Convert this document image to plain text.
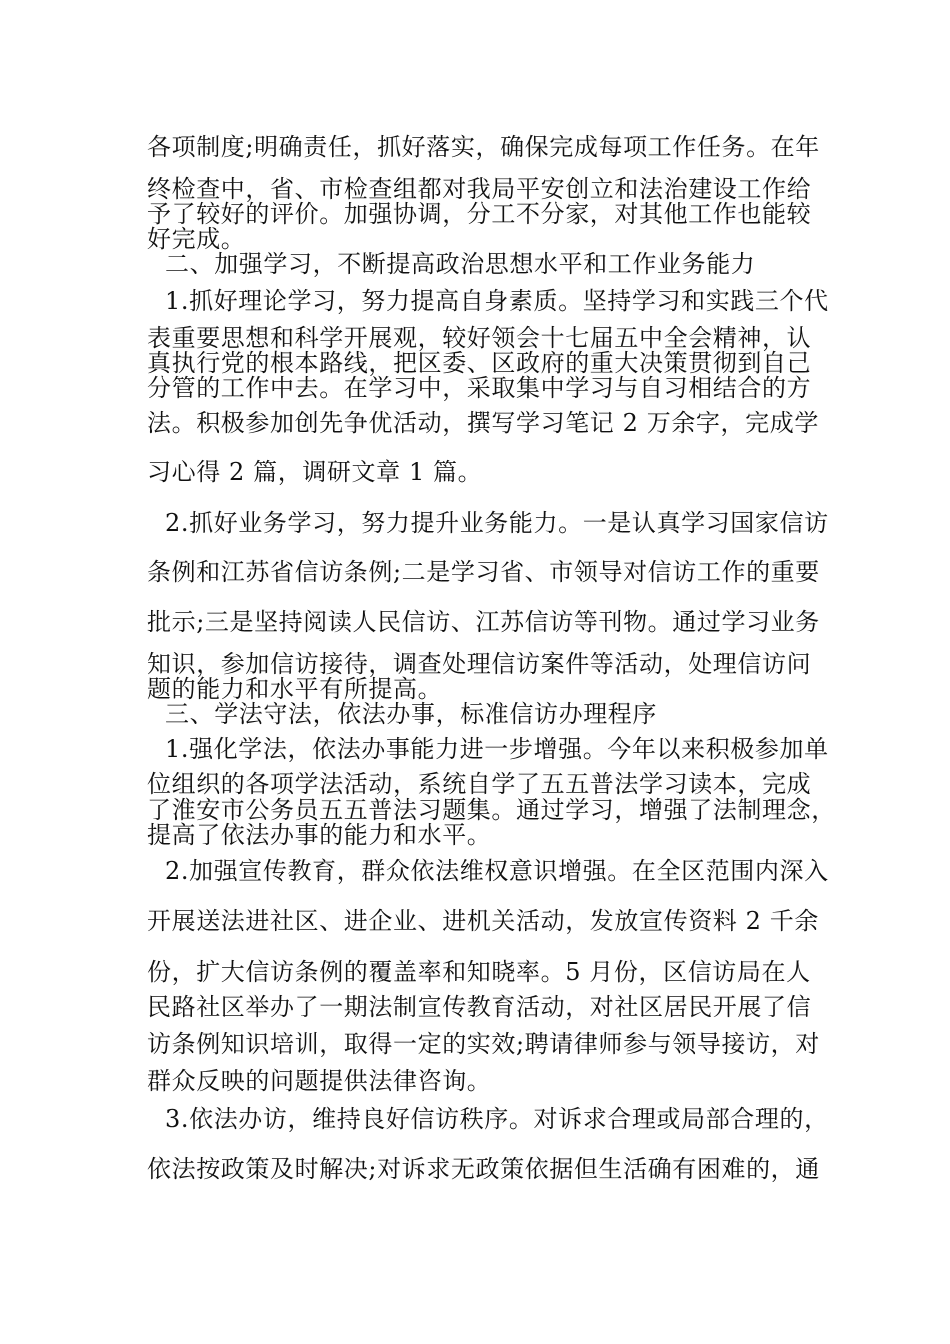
各项制度;明确责任，抓好落实，确保完成每项工作任务。在年

终检查中，省、市检查组都对我局平安创立和法治建设工作给

予了较好的评价。加强协调，分工不分家，对其他工作也能较

好完成。

二、加强学习，不断提高政治思想水平和工作业务能力

1.抓好理论学习，努力提高自身素质。坚持学习和实践三个代

表重要思想和科学开展观，较好领会十七届五中全会精神，认

真执行党的根本路线，把区委、区政府的重大决策贯彻到自己

分管的工作中去。在学习中，采取集中学习与自习相结合的方

法。积极参加创先争优活动，撰写学习笔记 2 万余字，完成学

习心得 2 篇，调研文章 1 篇。

2.抓好业务学习，努力提升业务能力。一是认真学习国家信访

条例和江苏省信访条例;二是学习省、市领导对信访工作的重要

批示;三是坚持阅读人民信访、江苏信访等刊物。通过学习业务

知识，参加信访接待，调查处理信访案件等活动，处理信访问

题的能力和水平有所提高。

三、学法守法，依法办事，标准信访办理程序

1.强化学法，依法办事能力进一步增强。今年以来积极参加单

位组织的各项学法活动，系统自学了五五普法学习读本，完成

了淮安市公务员五五普法习题集。通过学习，增强了法制理念，

提高了依法办事的能力和水平。

2.加强宣传教育，群众依法维权意识增强。在全区范围内深入

开展送法进社区、进企业、进机关活动，发放宣传资料 2 千余

份，扩大信访条例的覆盖率和知晓率。5 月份，区信访局在人

民路社区举办了一期法制宣传教育活动，对社区居民开展了信

访条例知识培训，取得一定的实效;聘请律师参与领导接访，对

群众反映的问题提供法律咨询。

3.依法办访，维持良好信访秩序。对诉求合理或局部合理的，

依法按政策及时解决;对诉求无政策依据但生活确有困难的，通
